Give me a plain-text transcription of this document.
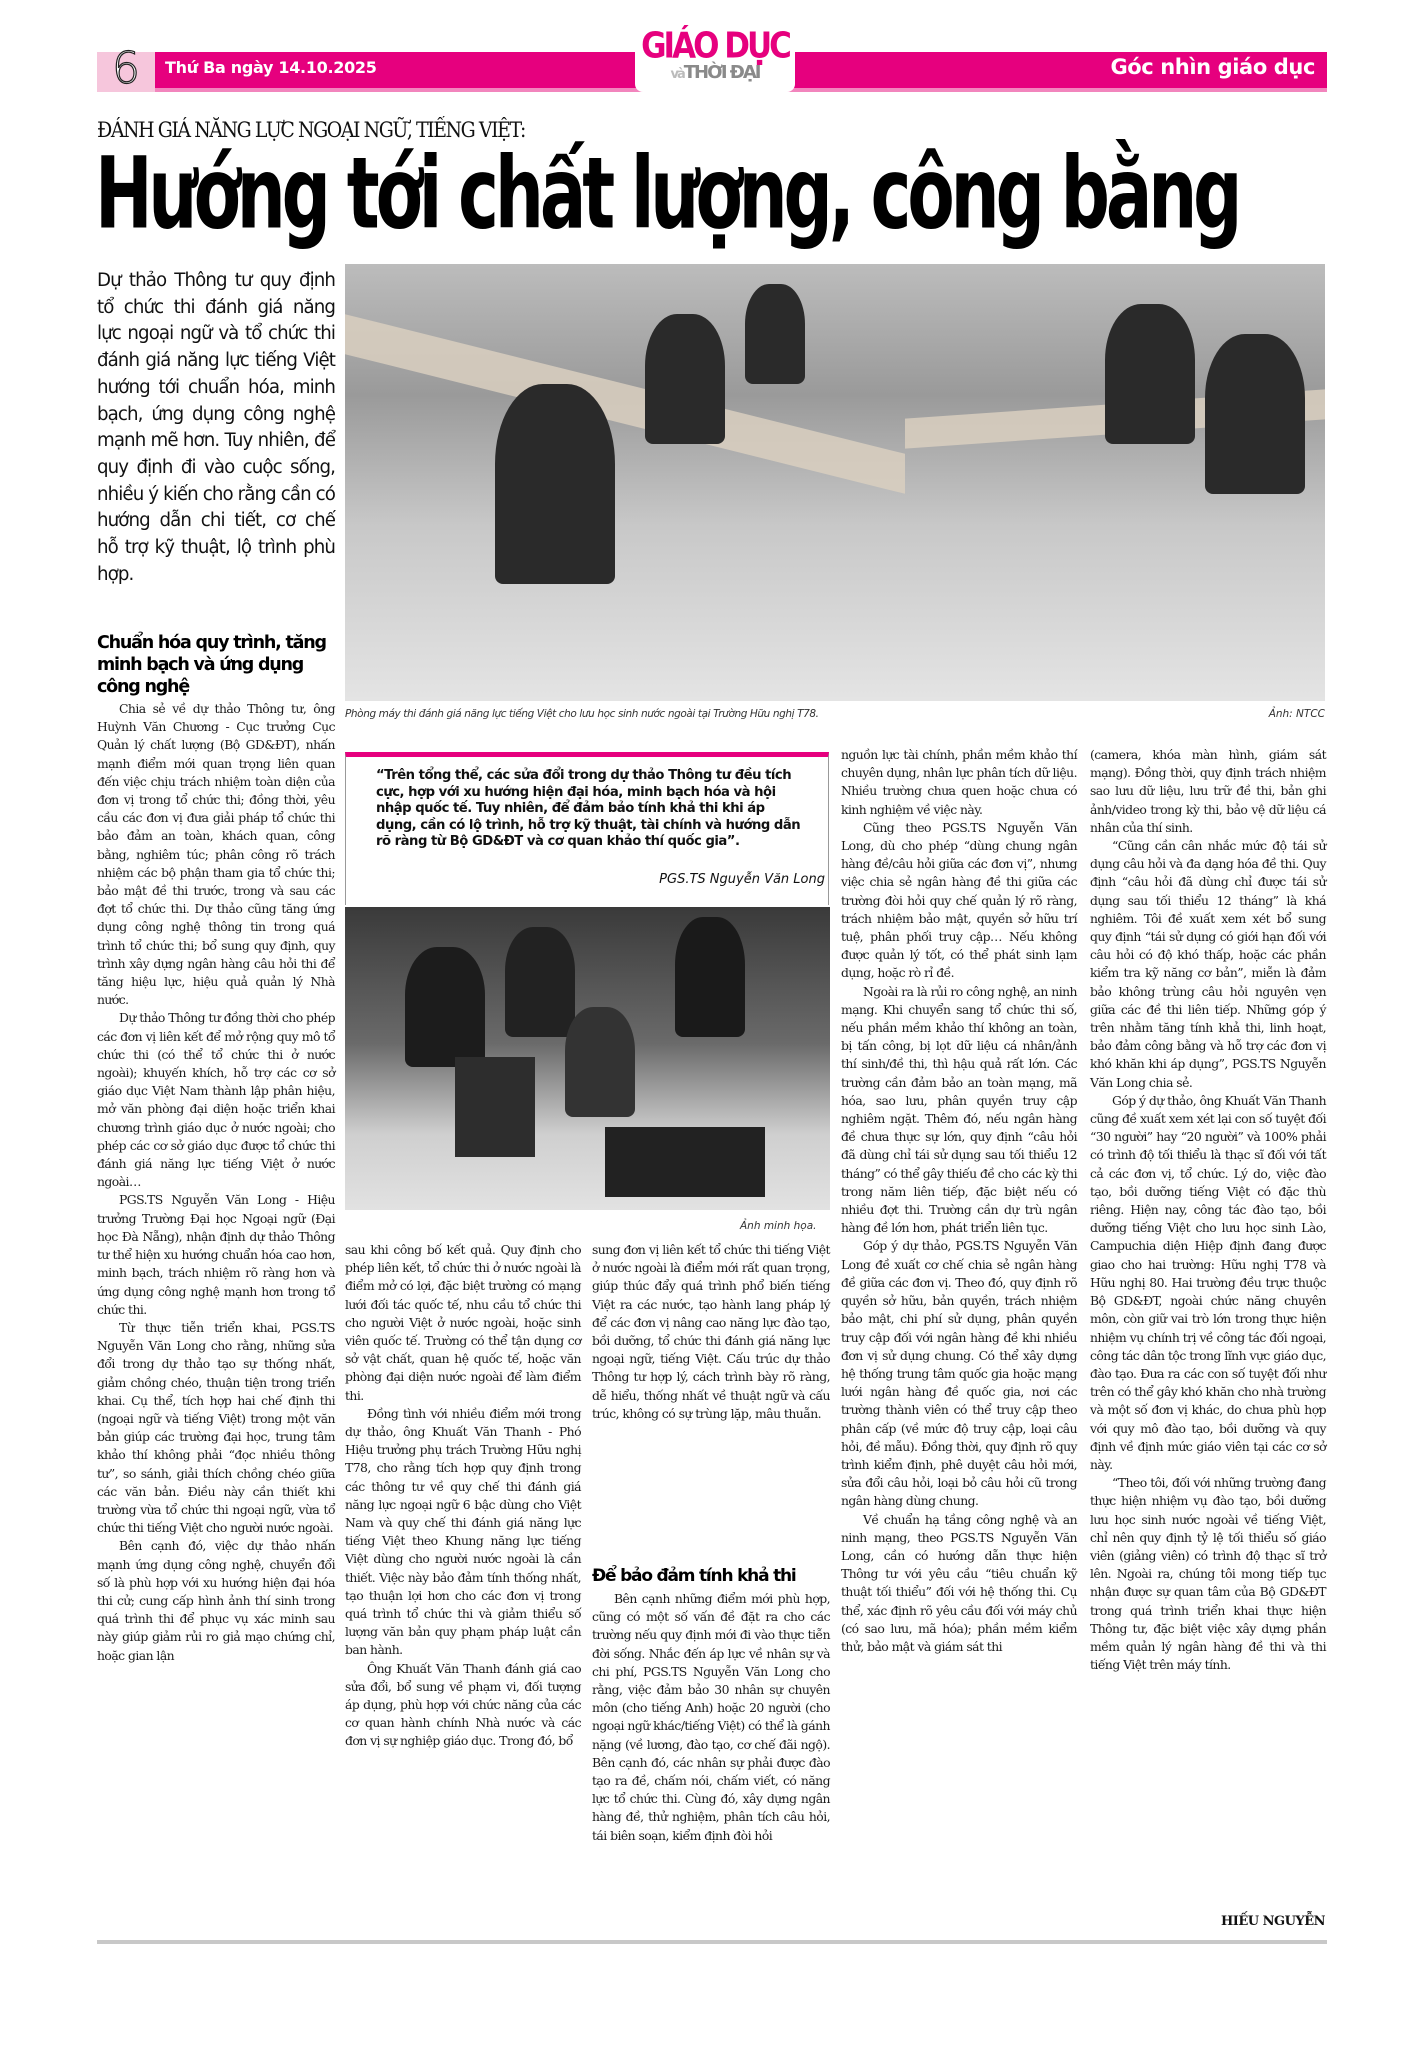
6	Thứ Ba ngày 14.10.2025
GIÁO DỤC
vàTHỜI ĐẠI	Góc nhìn giáo dục
ĐÁNH GIÁ NĂNG LỰC NGOẠI NGỮ, TIẾNG VIỆT:
Hướng tới chất lượng, công bằng
Dự thảo Thông tư quy định tổ chức thi đánh giá năng lực ngoại ngữ và tổ chức thi đánh giá năng lực tiếng Việt hướng tới chuẩn hóa, minh bạch, ứng dụng công nghệ mạnh mẽ hơn. Tuy nhiên, để quy định đi vào cuộc sống, nhiều ý kiến cho rằng cần có hướng dẫn chi tiết, cơ chế hỗ trợ kỹ thuật, lộ trình phù hợp.
Phòng máy thi đánh giá năng lực tiếng Việt cho lưu học sinh nước ngoài tại Trường Hữu nghị T78.	Ảnh: NTCC
Chuẩn hóa quy trình, tăng minh bạch và ứng dụng công nghệ

Chia sẻ về dự thảo Thông tư, ông Huỳnh Văn Chương - Cục trưởng Cục Quản lý chất lượng (Bộ GD&ĐT), nhấn mạnh điểm mới quan trọng liên quan đến việc chịu trách nhiệm toàn diện của đơn vị trong tổ chức thi; đồng thời, yêu cầu các đơn vị đưa giải pháp tổ chức thi bảo đảm an toàn, khách quan, công bằng, nghiêm túc; phân công rõ trách nhiệm các bộ phận tham gia tổ chức thi; bảo mật đề thi trước, trong và sau các đợt tổ chức thi. Dự thảo cũng tăng ứng dụng công nghệ thông tin trong quá trình tổ chức thi; bổ sung quy định, quy trình xây dựng ngân hàng câu hỏi thi để tăng hiệu lực, hiệu quả quản lý Nhà nước.

Dự thảo Thông tư đồng thời cho phép các đơn vị liên kết để mở rộng quy mô tổ chức thi (có thể tổ chức thi ở nước ngoài); khuyến khích, hỗ trợ các cơ sở giáo dục Việt Nam thành lập phân hiệu, mở văn phòng đại diện hoặc triển khai chương trình giáo dục ở nước ngoài; cho phép các cơ sở giáo dục được tổ chức thi đánh giá năng lực tiếng Việt ở nước ngoài…

PGS.TS Nguyễn Văn Long - Hiệu trưởng Trường Đại học Ngoại ngữ (Đại học Đà Nẵng), nhận định dự thảo Thông tư thể hiện xu hướng chuẩn hóa cao hơn, minh bạch, trách nhiệm rõ ràng hơn và ứng dụng công nghệ mạnh hơn trong tổ chức thi.

Từ thực tiễn triển khai, PGS.TS Nguyễn Văn Long cho rằng, những sửa đổi trong dự thảo tạo sự thống nhất, giảm chồng chéo, thuận tiện trong triển khai. Cụ thể, tích hợp hai chế định thi (ngoại ngữ và tiếng Việt) trong một văn bản giúp các trường đại học, trung tâm khảo thí không phải “đọc nhiều thông tư”, so sánh, giải thích chồng chéo giữa các văn bản. Điều này cần thiết khi trường vừa tổ chức thi ngoại ngữ, vừa tổ chức thi tiếng Việt cho người nước ngoài.

Bên cạnh đó, việc dự thảo nhấn mạnh ứng dụng công nghệ, chuyển đổi số là phù hợp với xu hướng hiện đại hóa thi cử; cung cấp hình ảnh thí sinh trong quá trình thi để phục vụ xác minh sau này giúp giảm rủi ro giả mạo chứng chỉ, hoặc gian lận

“Trên tổng thể, các sửa đổi trong dự thảo Thông tư đều tích cực, hợp với xu hướng hiện đại hóa, minh bạch hóa và hội nhập quốc tế. Tuy nhiên, để đảm bảo tính khả thi khi áp dụng, cần có lộ trình, hỗ trợ kỹ thuật, tài chính và hướng dẫn rõ ràng từ Bộ GD&ĐT và cơ quan khảo thí quốc gia”.
PGS.TS Nguyễn Văn Long
Ảnh minh họa.

sau khi công bố kết quả. Quy định cho phép liên kết, tổ chức thi ở nước ngoài là điểm mở có lợi, đặc biệt trường có mạng lưới đối tác quốc tế, nhu cầu tổ chức thi cho người Việt ở nước ngoài, hoặc sinh viên quốc tế. Trường có thể tận dụng cơ sở vật chất, quan hệ quốc tế, hoặc văn phòng đại diện nước ngoài để làm điểm thi.

Đồng tình với nhiều điểm mới trong dự thảo, ông Khuất Văn Thanh - Phó Hiệu trưởng phụ trách Trường Hữu nghị T78, cho rằng tích hợp quy định trong các thông tư về quy chế thi đánh giá năng lực ngoại ngữ 6 bậc dùng cho Việt Nam và quy chế thi đánh giá năng lực tiếng Việt theo Khung năng lực tiếng Việt dùng cho người nước ngoài là cần thiết. Việc này bảo đảm tính thống nhất, tạo thuận lợi hơn cho các đơn vị trong quá trình tổ chức thi và giảm thiểu số lượng văn bản quy phạm pháp luật cần ban hành.

Ông Khuất Văn Thanh đánh giá cao sửa đổi, bổ sung về phạm vi, đối tượng áp dụng, phù hợp với chức năng của các cơ quan hành chính Nhà nước và các đơn vị sự nghiệp giáo dục. Trong đó, bổ

sung đơn vị liên kết tổ chức thi tiếng Việt ở nước ngoài là điểm mới rất quan trọng, giúp thúc đẩy quá trình phổ biến tiếng Việt ra các nước, tạo hành lang pháp lý để các đơn vị nâng cao năng lực đào tạo, bồi dưỡng, tổ chức thi đánh giá năng lực ngoại ngữ, tiếng Việt. Cấu trúc dự thảo Thông tư hợp lý, cách trình bày rõ ràng, dễ hiểu, thống nhất về thuật ngữ và cấu trúc, không có sự trùng lặp, mâu thuẫn.

Để bảo đảm tính khả thi

Bên cạnh những điểm mới phù hợp, cũng có một số vấn đề đặt ra cho các trường nếu quy định mới đi vào thực tiễn đời sống. Nhắc đến áp lực về nhân sự và chi phí, PGS.TS Nguyễn Văn Long cho rằng, việc đảm bảo 30 nhân sự chuyên môn (cho tiếng Anh) hoặc 20 người (cho ngoại ngữ khác/tiếng Việt) có thể là gánh nặng (về lương, đào tạo, cơ chế đãi ngộ). Bên cạnh đó, các nhân sự phải được đào tạo ra đề, chấm nói, chấm viết, có năng lực tổ chức thi. Cùng đó, xây dựng ngân hàng đề, thử nghiệm, phân tích câu hỏi, tái biên soạn, kiểm định đòi hỏi

nguồn lực tài chính, phần mềm khảo thí chuyên dụng, nhân lực phân tích dữ liệu. Nhiều trường chưa quen hoặc chưa có kinh nghiệm về việc này.

Cũng theo PGS.TS Nguyễn Văn Long, dù cho phép “dùng chung ngân hàng đề/câu hỏi giữa các đơn vị”, nhưng việc chia sẻ ngân hàng đề thi giữa các trường đòi hỏi quy chế quản lý rõ ràng, trách nhiệm bảo mật, quyền sở hữu trí tuệ, phân phối truy cập… Nếu không được quản lý tốt, có thể phát sinh lạm dụng, hoặc rò rỉ đề.

Ngoài ra là rủi ro công nghệ, an ninh mạng. Khi chuyển sang tổ chức thi số, nếu phần mềm khảo thí không an toàn, bị tấn công, bị lọt dữ liệu cá nhân/ảnh thí sinh/đề thi, thì hậu quả rất lớn. Các trường cần đảm bảo an toàn mạng, mã hóa, sao lưu, phân quyền truy cập nghiêm ngặt. Thêm đó, nếu ngân hàng đề chưa thực sự lớn, quy định “câu hỏi đã dùng chỉ tái sử dụng sau tối thiểu 12 tháng” có thể gây thiếu đề cho các kỳ thi trong năm liên tiếp, đặc biệt nếu có nhiều đợt thi. Trường cần dự trù ngân hàng đề lớn hơn, phát triển liên tục.

Góp ý dự thảo, PGS.TS Nguyễn Văn Long đề xuất cơ chế chia sẻ ngân hàng đề giữa các đơn vị. Theo đó, quy định rõ quyền sở hữu, bản quyền, trách nhiệm bảo mật, chi phí sử dụng, phân quyền truy cập đối với ngân hàng đề khi nhiều đơn vị sử dụng chung. Có thể xây dựng hệ thống trung tâm quốc gia hoặc mạng lưới ngân hàng đề quốc gia, nơi các trường thành viên có thể truy cập theo phân cấp (về mức độ truy cập, loại câu hỏi, đề mẫu). Đồng thời, quy định rõ quy trình kiểm định, phê duyệt câu hỏi mới, sửa đổi câu hỏi, loại bỏ câu hỏi cũ trong ngân hàng dùng chung.

Về chuẩn hạ tầng công nghệ và an ninh mạng, theo PGS.TS Nguyễn Văn Long, cần có hướng dẫn thực hiện Thông tư với yêu cầu “tiêu chuẩn kỹ thuật tối thiểu” đối với hệ thống thi. Cụ thể, xác định rõ yêu cầu đối với máy chủ (có sao lưu, mã hóa); phần mềm kiểm thử, bảo mật và giám sát thi

(camera, khóa màn hình, giám sát mạng). Đồng thời, quy định trách nhiệm sao lưu dữ liệu, lưu trữ đề thi, bản ghi ảnh/video trong kỳ thi, bảo vệ dữ liệu cá nhân của thí sinh.

“Cũng cần cân nhắc mức độ tái sử dụng câu hỏi và đa dạng hóa đề thi. Quy định “câu hỏi đã dùng chỉ được tái sử dụng sau tối thiểu 12 tháng” là khá nghiêm. Tôi đề xuất xem xét bổ sung quy định “tái sử dụng có giới hạn đối với câu hỏi có độ khó thấp, hoặc các phần kiểm tra kỹ năng cơ bản”, miễn là đảm bảo không trùng câu hỏi nguyên vẹn giữa các đề thi liên tiếp. Những góp ý trên nhằm tăng tính khả thi, linh hoạt, bảo đảm công bằng và hỗ trợ các đơn vị khó khăn khi áp dụng”, PGS.TS Nguyễn Văn Long chia sẻ.

Góp ý dự thảo, ông Khuất Văn Thanh cũng đề xuất xem xét lại con số tuyệt đối “30 người” hay “20 người” và 100% phải có trình độ tối thiểu là thạc sĩ đối với tất cả các đơn vị, tổ chức. Lý do, việc đào tạo, bồi dưỡng tiếng Việt có đặc thù riêng. Hiện nay, công tác đào tạo, bồi dưỡng tiếng Việt cho lưu học sinh Lào, Campuchia diện Hiệp định đang được giao cho hai trường: Hữu nghị T78 và Hữu nghị 80. Hai trường đều trực thuộc Bộ GD&ĐT, ngoài chức năng chuyên môn, còn giữ vai trò lớn trong thực hiện nhiệm vụ chính trị về công tác đối ngoại, công tác dân tộc trong lĩnh vực giáo dục, đào tạo. Đưa ra các con số tuyệt đối như trên có thể gây khó khăn cho nhà trường và một số đơn vị khác, do chưa phù hợp với quy mô đào tạo, bồi dưỡng và quy định về định mức giáo viên tại các cơ sở này.

“Theo tôi, đối với những trường đang thực hiện nhiệm vụ đào tạo, bồi dưỡng lưu học sinh nước ngoài về tiếng Việt, chỉ nên quy định tỷ lệ tối thiểu số giáo viên (giảng viên) có trình độ thạc sĩ trở lên. Ngoài ra, chúng tôi mong tiếp tục nhận được sự quan tâm của Bộ GD&ĐT trong quá trình triển khai thực hiện Thông tư, đặc biệt việc xây dựng phần mềm quản lý ngân hàng đề thi và thi tiếng Việt trên máy tính.

HIẾU NGUYỄN
